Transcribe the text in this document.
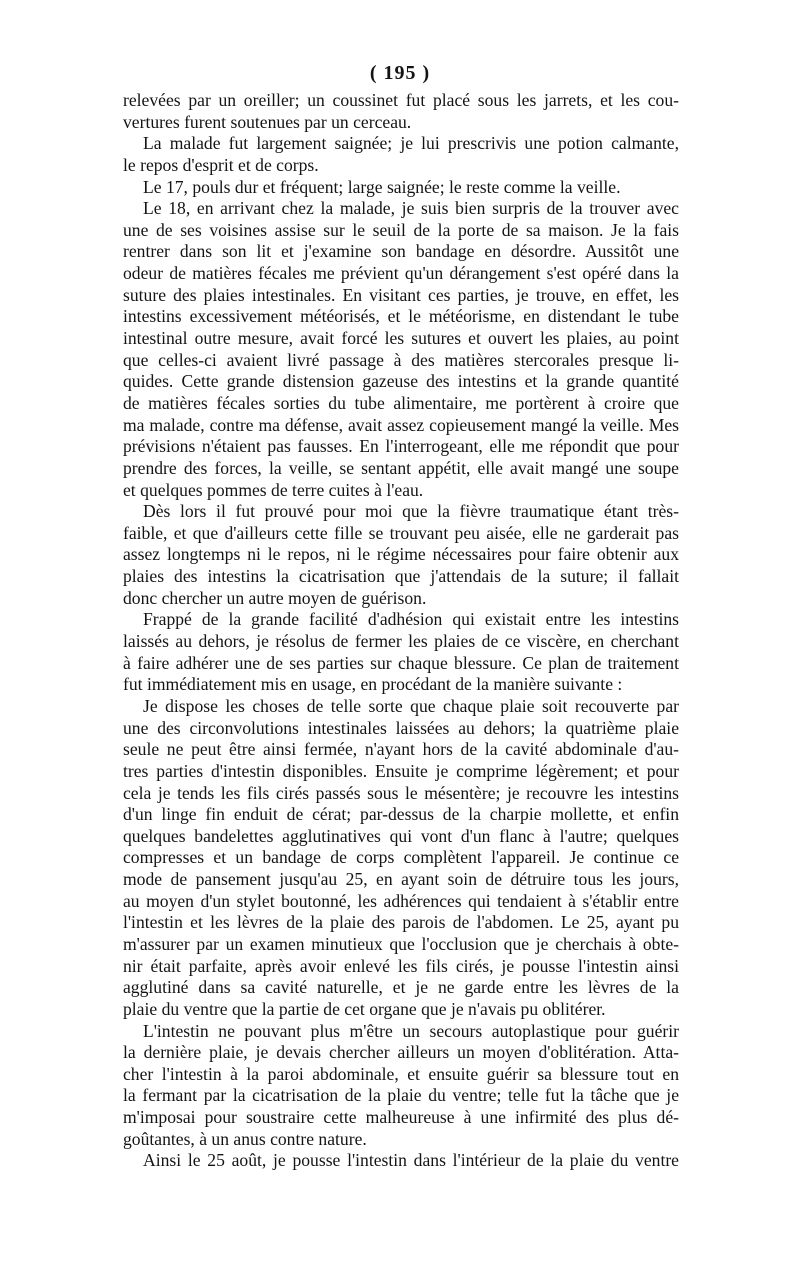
( 195 )
relevées par un oreiller; un coussinet fut placé sous les jarrets, et les cou-
vertures furent soutenues par un cerceau.
La malade fut largement saignée; je lui prescrivis une potion calmante,
le repos d'esprit et de corps.
Le 17, pouls dur et fréquent; large saignée; le reste comme la veille.
Le 18, en arrivant chez la malade, je suis bien surpris de la trouver avec
une de ses voisines assise sur le seuil de la porte de sa maison. Je la fais
rentrer dans son lit et j'examine son bandage en désordre. Aussitôt une
odeur de matières fécales me prévient qu'un dérangement s'est opéré dans la
suture des plaies intestinales. En visitant ces parties, je trouve, en effet, les
intestins excessivement météorisés, et le météorisme, en distendant le tube
intestinal outre mesure, avait forcé les sutures et ouvert les plaies, au point
que celles-ci avaient livré passage à des matières stercorales presque li-
quides. Cette grande distension gazeuse des intestins et la grande quantité
de matières fécales sorties du tube alimentaire, me portèrent à croire que
ma malade, contre ma défense, avait assez copieusement mangé la veille. Mes
prévisions n'étaient pas fausses. En l'interrogeant, elle me répondit que pour
prendre des forces, la veille, se sentant appétit, elle avait mangé une soupe
et quelques pommes de terre cuites à l'eau.
Dès lors il fut prouvé pour moi que la fièvre traumatique étant très-
faible, et que d'ailleurs cette fille se trouvant peu aisée, elle ne garderait pas
assez longtemps ni le repos, ni le régime nécessaires pour faire obtenir aux
plaies des intestins la cicatrisation que j'attendais de la suture; il fallait
donc chercher un autre moyen de guérison.
Frappé de la grande facilité d'adhésion qui existait entre les intestins
laissés au dehors, je résolus de fermer les plaies de ce viscère, en cherchant
à faire adhérer une de ses parties sur chaque blessure. Ce plan de traitement
fut immédiatement mis en usage, en procédant de la manière suivante :
Je dispose les choses de telle sorte que chaque plaie soit recouverte par
une des circonvolutions intestinales laissées au dehors; la quatrième plaie
seule ne peut être ainsi fermée, n'ayant hors de la cavité abdominale d'au-
tres parties d'intestin disponibles. Ensuite je comprime légèrement; et pour
cela je tends les fils cirés passés sous le mésentère; je recouvre les intestins
d'un linge fin enduit de cérat; par-dessus de la charpie mollette, et enfin
quelques bandelettes agglutinatives qui vont d'un flanc à l'autre; quelques
compresses et un bandage de corps complètent l'appareil. Je continue ce
mode de pansement jusqu'au 25, en ayant soin de détruire tous les jours,
au moyen d'un stylet boutonné, les adhérences qui tendaient à s'établir entre
l'intestin et les lèvres de la plaie des parois de l'abdomen. Le 25, ayant pu
m'assurer par un examen minutieux que l'occlusion que je cherchais à obte-
nir était parfaite, après avoir enlevé les fils cirés, je pousse l'intestin ainsi
agglutiné dans sa cavité naturelle, et je ne garde entre les lèvres de la
plaie du ventre que la partie de cet organe que je n'avais pu oblitérer.
L'intestin ne pouvant plus m'être un secours autoplastique pour guérir
la dernière plaie, je devais chercher ailleurs un moyen d'oblitération. Atta-
cher l'intestin à la paroi abdominale, et ensuite guérir sa blessure tout en
la fermant par la cicatrisation de la plaie du ventre; telle fut la tâche que je
m'imposai pour soustraire cette malheureuse à une infirmité des plus dé-
goûtantes, à un anus contre nature.
Ainsi le 25 août, je pousse l'intestin dans l'intérieur de la plaie du ventre
